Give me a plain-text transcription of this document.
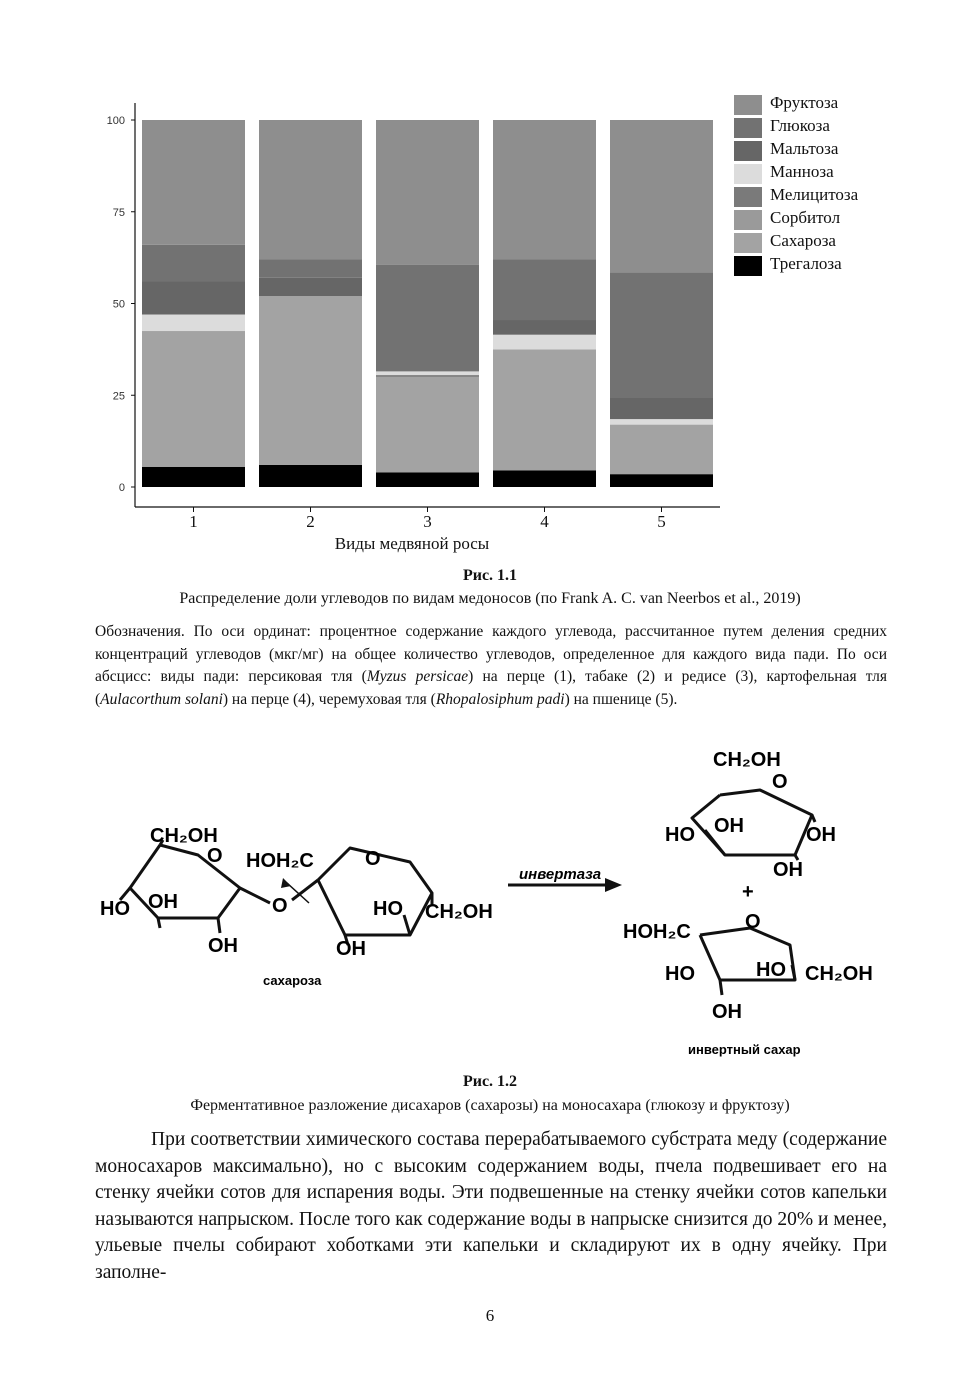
0
25
50
75
100
1	2	3	4	5
Виды медвяной росы
Фруктоза
Глюкоза
Мальтоза
Манноза
Мелицитоза
Сорбитол
Сахароза
Трегалоза
Рис. 1.1
Распределение доли углеводов по видам медоносов (по Frank A. C. van Neerbos et al., 2019)
Обозначения. По оси ординат: процентное содержание каждого углевода, рассчитанное путем деления средних концентраций углеводов (мкг/мг) на общее количество углеводов, определенное для каждого вида пади. По оси абсцисс: виды пади: персиковая тля (Myzus persicae) на перце (1), табаке (2) и редисе (3), картофельная тля (Aulacorthum solani) на перце (4), черемуховая тля (Rhopalosiphum padi) на пшенице (5).
CH₂OH
O
HO OH
OH
O
HOH₂C	O
HO CH₂OH
OH
сахароза
инвертаза
CH₂OH
O
HO OH	OH
OH
+
HOH₂C	O
HO	HO CH₂OH
OH
инвертный сахар
Рис. 1.2
Ферментативное разложение дисахаров (сахарозы) на моносахара (глюкозу и фруктозу)

При соответствии химического состава перерабатываемого субстрата меду (содержание моносахаров максимально), но с высоким содержанием воды, пчела подвешивает его на стенку ячейки сотов для испарения воды. Эти подвешенные на стенку ячейки сотов капельки называются напрыском. После того как содержание воды в напрыске снизится до 20% и менее, ульевые пчелы собирают хоботками эти капельки и складируют их в одну ячейку. При заполне-

6
